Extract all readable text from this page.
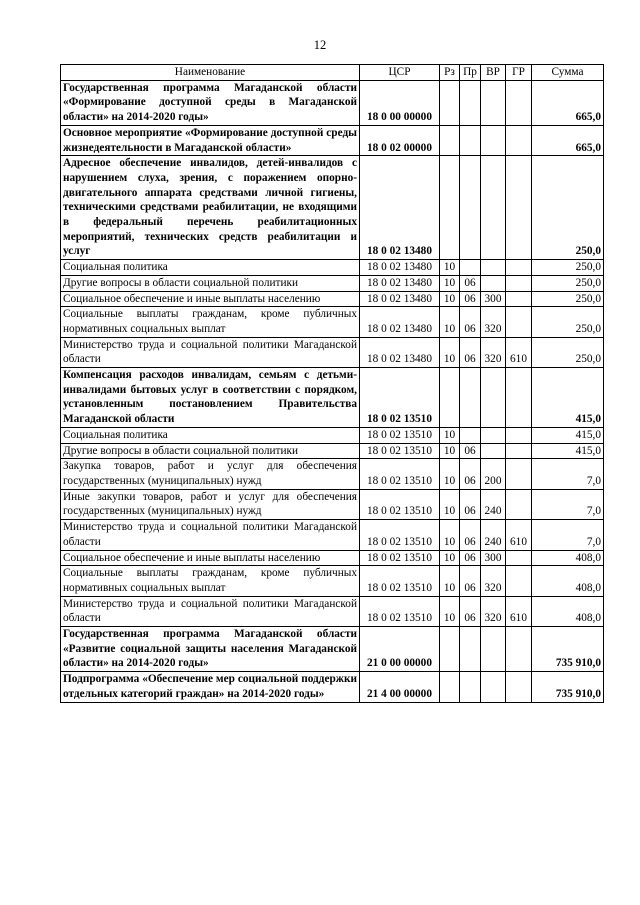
12
Наименование	ЦСР	Рз	Пр	ВР	ГР	Сумма
Государственная программа Магаданской области «Формирование доступной среды в Магаданской области» на 2014-2020 годы»	18 0 00 00000					665,0
Основное мероприятие «Формирование доступной среды жизнедеятельности в Магаданской области»	18 0 02 00000					665,0
Адресное обеспечение инвалидов, детей-инвалидов с нарушением слуха, зрения, с поражением опорно-двигательного аппарата средствами личной гигиены, техническими средствами реабилитации, не входящими в федеральный перечень реабилитационных мероприятий, технических средств реабилитации и услуг	18 0 02 13480					250,0
Социальная политика	18 0 02 13480	10				250,0
Другие вопросы в области социальной политики	18 0 02 13480	10	06			250,0
Социальное обеспечение и иные выплаты населению	18 0 02 13480	10	06	300		250,0
Социальные выплаты гражданам, кроме публичных нормативных социальных выплат	18 0 02 13480	10	06	320		250,0
Министерство труда и социальной политики Магаданской области	18 0 02 13480	10	06	320	610	250,0
Компенсация расходов инвалидам, семьям с детьми-инвалидами бытовых услуг в соответствии с порядком, установленным постановлением Правительства Магаданской области	18 0 02 13510					415,0
Социальная политика	18 0 02 13510	10				415,0
Другие вопросы в области социальной политики	18 0 02 13510	10	06			415,0
Закупка товаров, работ и услуг для обеспечения государственных (муниципальных) нужд	18 0 02 13510	10	06	200		7,0
Иные закупки товаров, работ и услуг для обеспечения государственных (муниципальных) нужд	18 0 02 13510	10	06	240		7,0
Министерство труда и социальной политики Магаданской области	18 0 02 13510	10	06	240	610	7,0
Социальное обеспечение и иные выплаты населению	18 0 02 13510	10	06	300		408,0
Социальные выплаты гражданам, кроме публичных нормативных социальных выплат	18 0 02 13510	10	06	320		408,0
Министерство труда и социальной политики Магаданской области	18 0 02 13510	10	06	320	610	408,0
Государственная программа Магаданской области «Развитие социальной защиты населения Магаданской области» на 2014-2020 годы»	21 0 00 00000					735 910,0
Подпрограмма «Обеспечение мер социальной поддержки отдельных категорий граждан» на 2014-2020 годы»	21 4 00 00000					735 910,0
